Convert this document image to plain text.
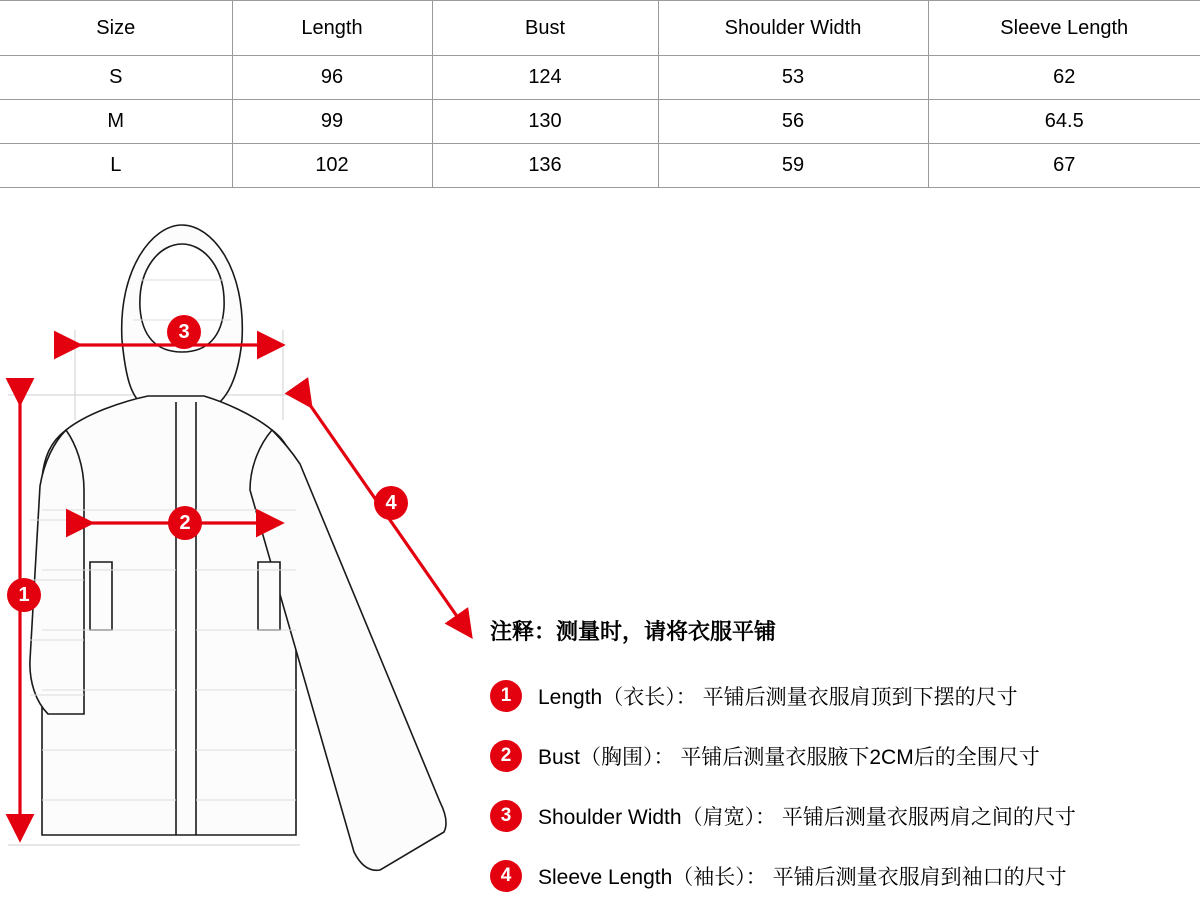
Size	Length	Bust	Shoulder Width	Sleeve Length
S	96	124	53	62
M	99	130	56	64.5
L	102	136	59	67
3
2
1
4
注释：测量时，请将衣服平铺
1	Length（衣长）： 平铺后测量衣服肩顶到下摆的尺寸
2	Bust（胸围）： 平铺后测量衣服腋下2CM后的全围尺寸
3	Shoulder Width（肩宽）： 平铺后测量衣服两肩之间的尺寸
4	Sleeve Length（袖长）： 平铺后测量衣服肩到袖口的尺寸
